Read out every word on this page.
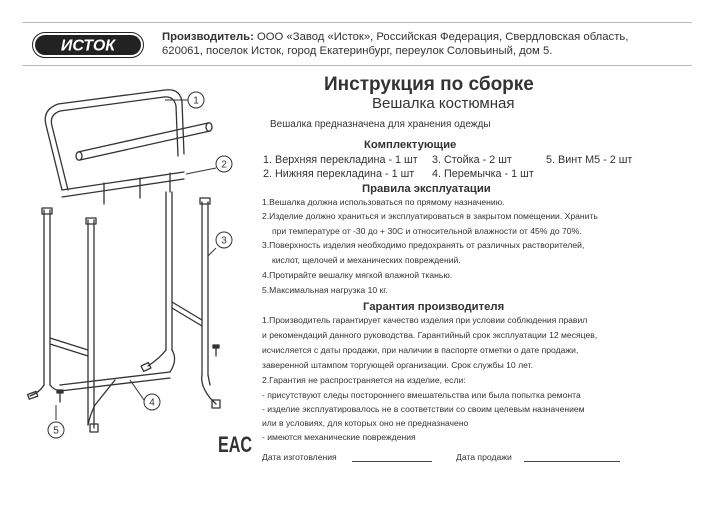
ИСТОК
Производитель: ООО «Завод «Исток», Российская Федерация, Свердловская область,
620061, поселок Исток, город Екатеринбург, переулок Соловьиный, дом 5.
Инструкция по сборке
Вешалка костюмная
Вешалка предназначена для хранения одежды
Комплектующие
1. Верхняя перекладина - 1 шт 3. Стойка - 2 шт	5. Винт М5 - 2 шт
2. Нижняя перекладина - 1 шт 4. Перемычка - 1 шт
Правила эксплуатации
1.Вешалка должна использоваться по прямому назначению.
2.Изделие должно храниться и эксплуатироваться в закрытом помещении. Хранить
при температуре от -30 до + 30С и относительной влажности от 45% до 70%.
3.Поверхность изделия необходимо предохранять от различных растворителей,
кислот, щелочей и механических повреждений.
4.Протирайте вешалку мягкой влажной тканью.
5.Максимальная нагрузка 10 кг.
Гарантия производителя
1.Производитель гарантирует качество изделия при условии соблюдения правил
и рекомендаций данного руководства. Гарантийный срок эксплуатации 12 месяцев,
исчисляется с даты продажи, при наличии в паспорте отметки о дате продажи,
заверенной штампом торгующей организации. Срок службы 10 лет.
2.Гарантия не распространяется на изделие, если:
- присутствуют следы постороннего вмешательства или была попытка ремонта
- изделие эксплуатировалось не в соответствии со своим целевым назначением
или в условиях, для которых оно не предназначено
- имеются механические повреждения
Дата изготовления	Дата продажи
EAC
1
2
3
4
5
